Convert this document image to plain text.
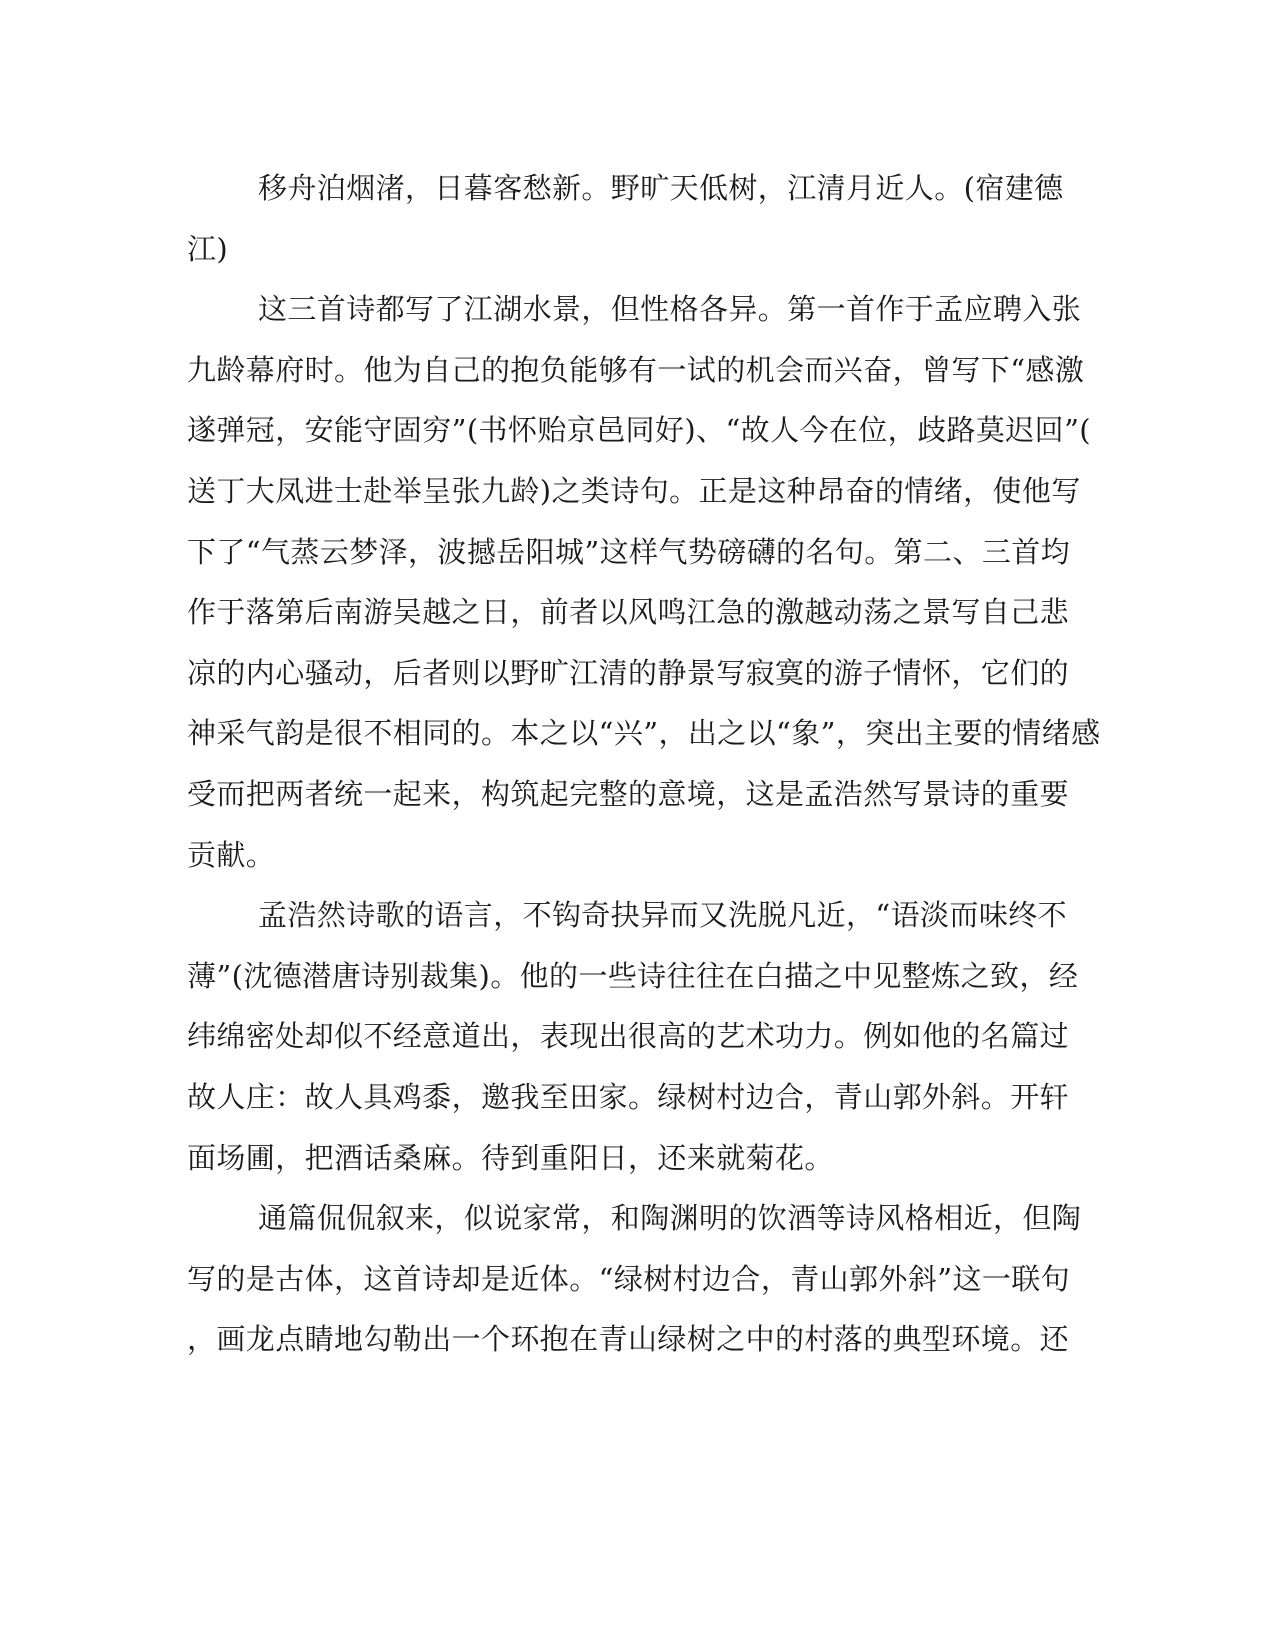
移舟泊烟渚，日暮客愁新。野旷天低树，江清月近人。(宿建德
江)
这三首诗都写了江湖水景，但性格各异。第一首作于孟应聘入张
九龄幕府时。他为自己的抱负能够有一试的机会而兴奋，曾写下“感激
遂弹冠，安能守固穷”(书怀贻京邑同好)、“故人今在位，歧路莫迟回”(
送丁大凤进士赴举呈张九龄)之类诗句。正是这种昂奋的情绪，使他写
下了“气蒸云梦泽，波撼岳阳城”这样气势磅礴的名句。第二、三首均
作于落第后南游吴越之日，前者以风鸣江急的激越动荡之景写自己悲
凉的内心骚动，后者则以野旷江清的静景写寂寞的游子情怀，它们的
神采气韵是很不相同的。本之以“兴”，出之以“象”，突出主要的情绪感
受而把两者统一起来，构筑起完整的意境，这是孟浩然写景诗的重要
贡献。
孟浩然诗歌的语言，不钩奇抉异而又洗脱凡近，“语淡而味终不
薄”(沈德潜唐诗别裁集)。他的一些诗往往在白描之中见整炼之致，经
纬绵密处却似不经意道出，表现出很高的艺术功力。例如他的名篇过
故人庄：故人具鸡黍，邀我至田家。绿树村边合，青山郭外斜。开轩
面场圃，把酒话桑麻。待到重阳日，还来就菊花。
通篇侃侃叙来，似说家常，和陶渊明的饮酒等诗风格相近，但陶
写的是古体，这首诗却是近体。“绿树村边合，青山郭外斜”这一联句
，画龙点睛地勾勒出一个环抱在青山绿树之中的村落的典型环境。还
